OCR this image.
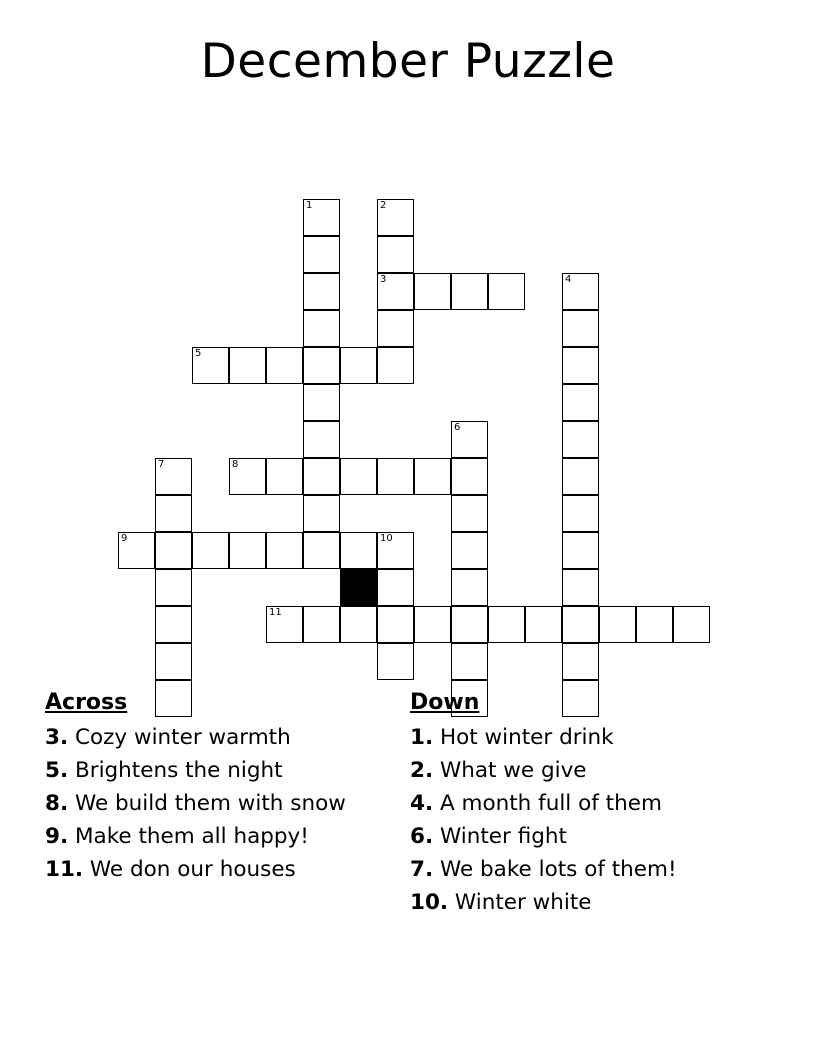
December Puzzle
1	2
3	4
5
6
7	8
9	10
11
Across
3. Cozy winter warmth
5. Brightens the night
8. We build them with snow
9. Make them all happy!
11. We don our houses
Down
1. Hot winter drink
2. What we give
4. A month full of them
6. Winter fight
7. We bake lots of them!
10. Winter white
